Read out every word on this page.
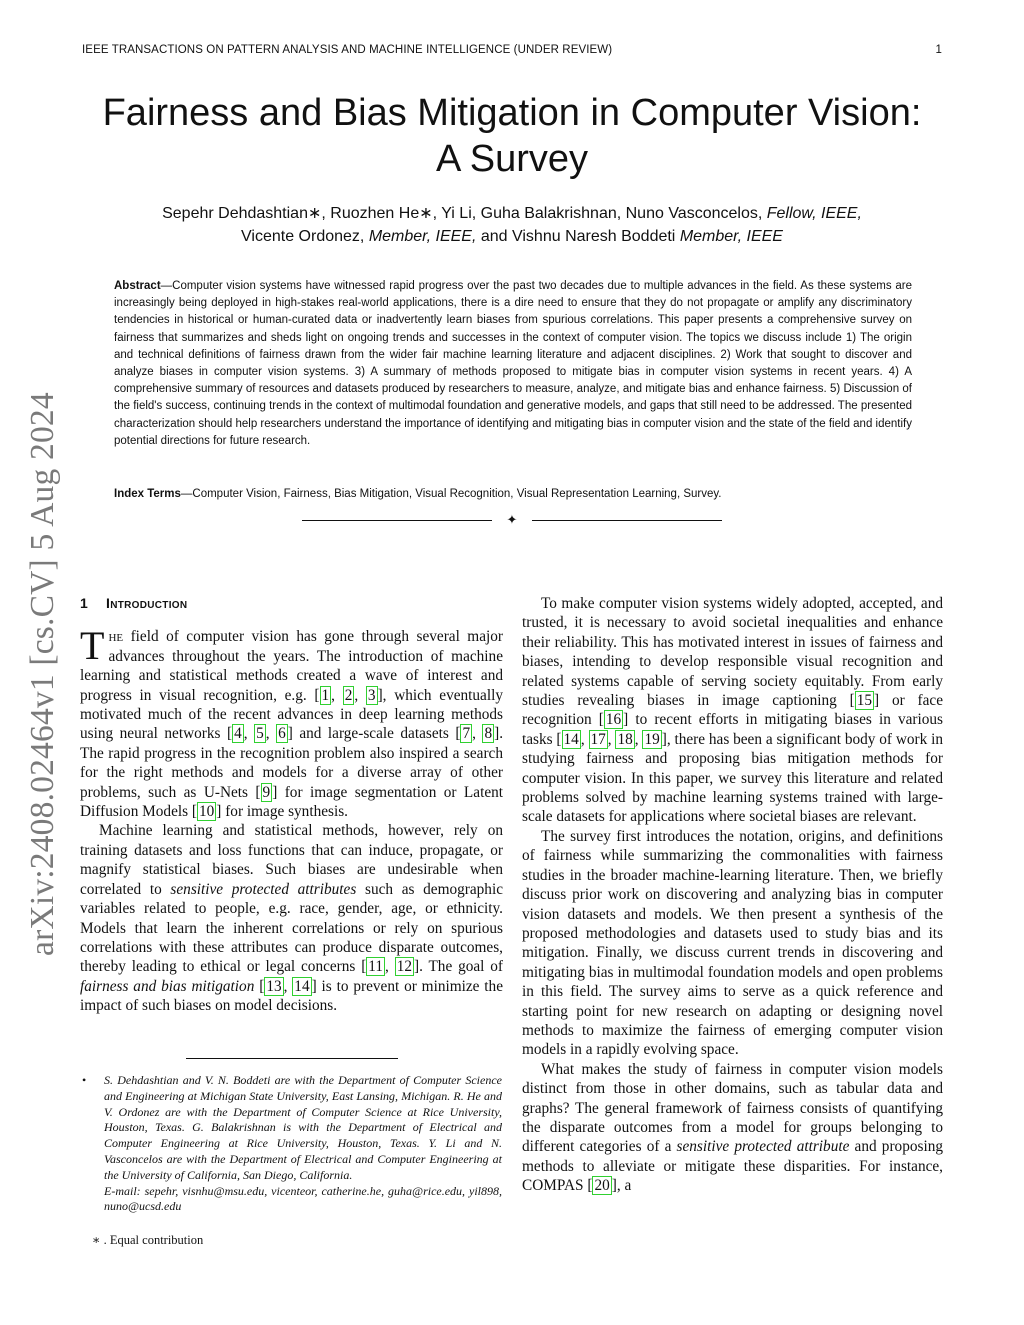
IEEE TRANSACTIONS ON PATTERN ANALYSIS AND MACHINE INTELLIGENCE (UNDER REVIEW)	1
arXiv:2408.02464v1 [cs.CV] 5 Aug 2024
Fairness and Bias Mitigation in Computer Vision:
A Survey
Sepehr Dehdashtian∗, Ruozhen He∗, Yi Li, Guha Balakrishnan, Nuno Vasconcelos, Fellow, IEEE,
Vicente Ordonez, Member, IEEE, and Vishnu Naresh Boddeti Member, IEEE
Abstract—Computer vision systems have witnessed rapid progress over the past two decades due to multiple advances in the field. As these systems are increasingly being deployed in high-stakes real-world applications, there is a dire need to ensure that they do not propagate or amplify any discriminatory tendencies in historical or human-curated data or inadvertently learn biases from spurious correlations. This paper presents a comprehensive survey on fairness that summarizes and sheds light on ongoing trends and successes in the context of computer vision. The topics we discuss include 1) The origin and technical definitions of fairness drawn from the wider fair machine learning literature and adjacent disciplines. 2) Work that sought to discover and analyze biases in computer vision systems. 3) A summary of methods proposed to mitigate bias in computer vision systems in recent years. 4) A comprehensive summary of resources and datasets produced by researchers to measure, analyze, and mitigate bias and enhance fairness. 5) Discussion of the field's success, continuing trends in the context of multimodal foundation and generative models, and gaps that still need to be addressed. The presented characterization should help researchers understand the importance of identifying and mitigating bias in computer vision and the state of the field and identify potential directions for future research.
Index Terms—Computer Vision, Fairness, Bias Mitigation, Visual Recognition, Visual Representation Learning, Survey.
✦
1 Introduction

The field of computer vision has gone through several major advances throughout the years. The introduction of machine learning and statistical methods created a wave of interest and progress in visual recognition, e.g. [ 1 , 2 , 3 ], which eventually motivated much of the recent advances in deep learning methods using neural networks [ 4 , 5 , 6 ] and large-scale datasets [ 7 , 8 ]. The rapid progress in the recognition problem also inspired a search for the right methods and models for a diverse array of other problems, such as U-Nets [ 9 ] for image segmentation or Latent Diffusion Models [ 10 ] for image synthesis.

Machine learning and statistical methods, however, rely on training datasets and loss functions that can induce, propagate, or magnify statistical biases. Such biases are undesirable when correlated to sensitive protected attributes such as demographic variables related to people, e.g. race, gender, age, or ethnicity. Models that learn the inherent correlations or rely on spurious correlations with these attributes can produce disparate outcomes, thereby leading to ethical or legal concerns [ 11 , 12 ]. The goal of fairness and bias mitigation [ 13 , 14 ] is to prevent or minimize the impact of such biases on model decisions.

• S. Dehdashtian and V. N. Boddeti are with the Department of Computer Science and Engineering at Michigan State University, East Lansing, Michigan. R. He and V. Ordonez are with the Department of Computer Science at Rice University, Houston, Texas. G. Balakrishnan is with the Department of Electrical and Computer Engineering at Rice University, Houston, Texas. Y. Li and N. Vasconcelos are with the Department of Electrical and Computer Engineering at the University of California, San Diego, California.
E-mail: sepehr, visnhu@msu.edu, vicenteor, catherine.he, guha@rice.edu, yil898, nuno@ucsd.edu
∗ . Equal contribution

To make computer vision systems widely adopted, accepted, and trusted, it is necessary to avoid societal inequalities and enhance their reliability. This has motivated interest in issues of fairness and biases, intending to develop responsible visual recognition and related systems capable of serving society equitably. From early studies revealing biases in image captioning [ 15 ] or face recognition [ 16 ] to recent efforts in mitigating biases in various tasks [ 14 , 17 , 18 , 19 ], there has been a significant body of work in studying fairness and proposing bias mitigation methods for computer vision. In this paper, we survey this literature and related problems solved by machine learning systems trained with large-scale datasets for applications where societal biases are relevant.

The survey first introduces the notation, origins, and definitions of fairness while summarizing the commonalities with fairness studies in the broader machine-learning literature. Then, we briefly discuss prior work on discovering and analyzing bias in computer vision datasets and models. We then present a synthesis of the proposed methodologies and datasets used to study bias and its mitigation. Finally, we discuss current trends in discovering and mitigating bias in multimodal foundation models and open problems in this field. The survey aims to serve as a quick reference and starting point for new research on adapting or designing novel methods to maximize the fairness of emerging computer vision models in a rapidly evolving space.

What makes the study of fairness in computer vision models distinct from those in other domains, such as tabular data and graphs? The general framework of fairness consists of quantifying the disparate outcomes from a model for groups belonging to different categories of a sensitive protected attribute and proposing methods to alleviate or mitigate these disparities. For instance, COMPAS [ 20 ], a
